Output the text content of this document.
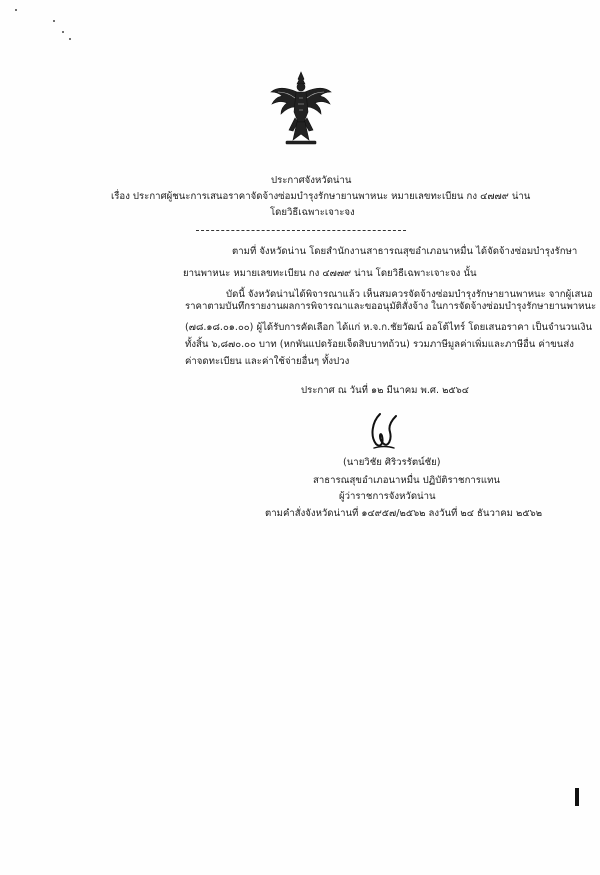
ประกาศจังหวัดน่าน
เรื่อง ประกาศผู้ชนะการเสนอราคาจัดจ้างซ่อมบำรุงรักษายานพาหนะ หมายเลขทะเบียน กง ๔๗๗๙ น่าน
โดยวิธีเฉพาะเจาะจง
ตามที่ จังหวัดน่าน โดยสำนักงานสาธารณสุขอำเภอนาหมื่น ได้จัดจ้างซ่อมบำรุงรักษา
ยานพาหนะ หมายเลขทะเบียน กง ๔๗๗๙ น่าน โดยวิธีเฉพาะเจาะจง นั้น
บัดนี้ จังหวัดน่านได้พิจารณาแล้ว เห็นสมควรจัดจ้างซ่อมบำรุงรักษายานพาหนะ จากผู้เสนอ
ราคาตามบันทึกรายงานผลการพิจารณาและขออนุมัติสั่งจ้าง ในการจัดจ้างซ่อมบำรุงรักษายานพาหนะ
(๗๘.๑๘.๐๑.๐๐) ผู้ได้รับการคัดเลือก ได้แก่ ห.จ.ก.ชัยวัฒน์ ออโต้ไทร์ โดยเสนอราคา เป็นจำนวนเงิน
ทั้งสิ้น ๖,๘๗๐.๐๐ บาท (หกพันแปดร้อยเจ็ดสิบบาทถ้วน) รวมภาษีมูลค่าเพิ่มและภาษีอื่น ค่าขนส่ง
ค่าจดทะเบียน และค่าใช้จ่ายอื่นๆ ทั้งปวง
ประกาศ ณ วันที่ ๑๒ มีนาคม พ.ศ. ๒๕๖๔
(นายวิชัย ศิริวรรัตน์ชัย)
สาธารณสุขอำเภอนาหมื่น ปฏิบัติราชการแทน
ผู้ว่าราชการจังหวัดน่าน
ตามคำสั่งจังหวัดน่านที่ ๑๔๙๕๗/๒๕๖๒ ลงวันที่ ๒๔ ธันวาคม ๒๕๖๒
